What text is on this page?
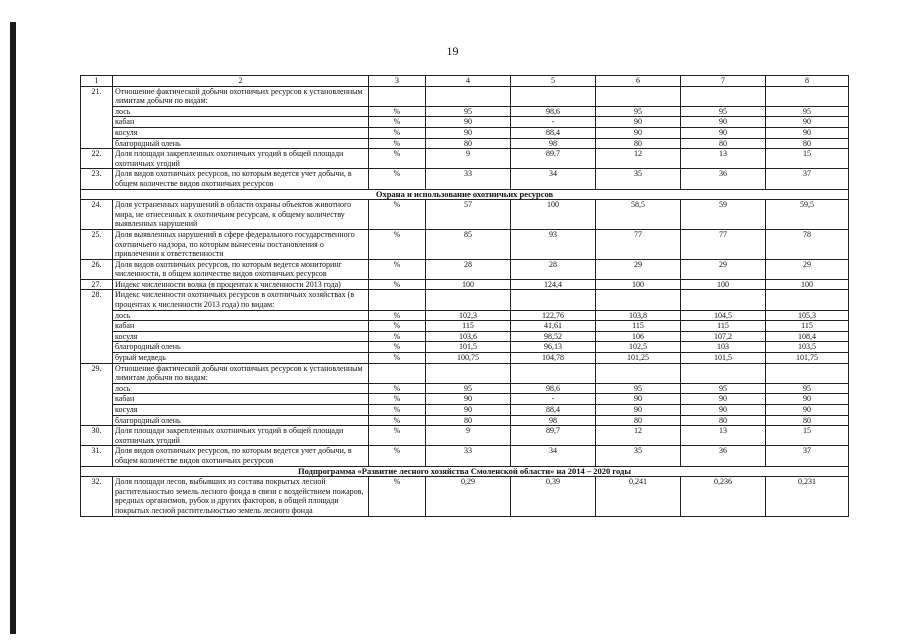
19
1	2	3	4	5	6	7	8
21.	Отношение фактической добычи охотничьих ресурсов к установленным лимитам добычи по видам:						
	лось	%	95	98,6	95	95	95
	кабан	%	90	-	90	90	90
	косуля	%	90	88,4	90	90	90
	благородный олень	%	80	98	80	80	80
22.	Доля площади закрепленных охотничьих угодий в общей площади охотничьих угодий	%	9	89,7	12	13	15
23.	Доля видов охотничьих ресурсов, по которым ведется учет добычи, в общем количестве видов охотничьих ресурсов	%	33	34	35	36	37
Охрана и использование охотничьих ресурсов							
24.	Доля устраненных нарушений в области охраны объектов животного мира, не отнесенных к охотничьим ресурсам, к общему количеству выявленных нарушений	%	57	100	58,5	59	59,5
25.	Доля выявленных нарушений в сфере федерального государственного охотничьего надзора, по которым вынесены постановления о привлечении к ответственности	%	85	93	77	77	78
26.	Доля видов охотничьих ресурсов, по которым ведется мониторинг численности, в общем количестве видов охотничьих ресурсов	%	28	28	29	29	29
27.	Индекс численности волка (в процентах к численности 2013 года)	%	100	124,4	100	100	100
28.	Индекс численности охотничьих ресурсов в охотничьих хозяйствах (в процентах к численности 2013 года) по видам:						
	лось	%	102,3	122,76	103,8	104,5	105,3
	кабан	%	115	41,61	115	115	115
	косуля	%	103,6	98,52	106	107,2	108,4
	благородный олень	%	101,5	96,13	102,5	103	103,5
	бурый медведь	%	100,75	104,78	101,25	101,5	101,75
29.	Отношение фактической добычи охотничьих ресурсов к установленным лимитам добычи по видам:						
	лось	%	95	98,6	95	95	95
	кабан	%	90	-	90	90	90
	косуля	%	90	88,4	90	90	90
	благородный олень	%	80	98	80	80	80
30.	Доля площади закрепленных охотничьих угодий в общей площади охотничьих угодий	%	9	89,7	12	13	15
31.	Доля видов охотничьих ресурсов, по которым ведется учет добычи, в общем количестве видов охотничьих ресурсов	%	33	34	35	36	37
Подпрограмма «Развитие лесного хозяйства Смоленской области» на 2014 – 2020 годы							
32.	Доля площади лесов, выбывших из состава покрытых лесной растительностью земель лесного фонда в связи с воздействием пожаров, вредных организмов, рубок и других факторов, в общей площади покрытых лесной растительностью земель лесного фонда	%	0,29	0,39	0,241	0,236	0,231
